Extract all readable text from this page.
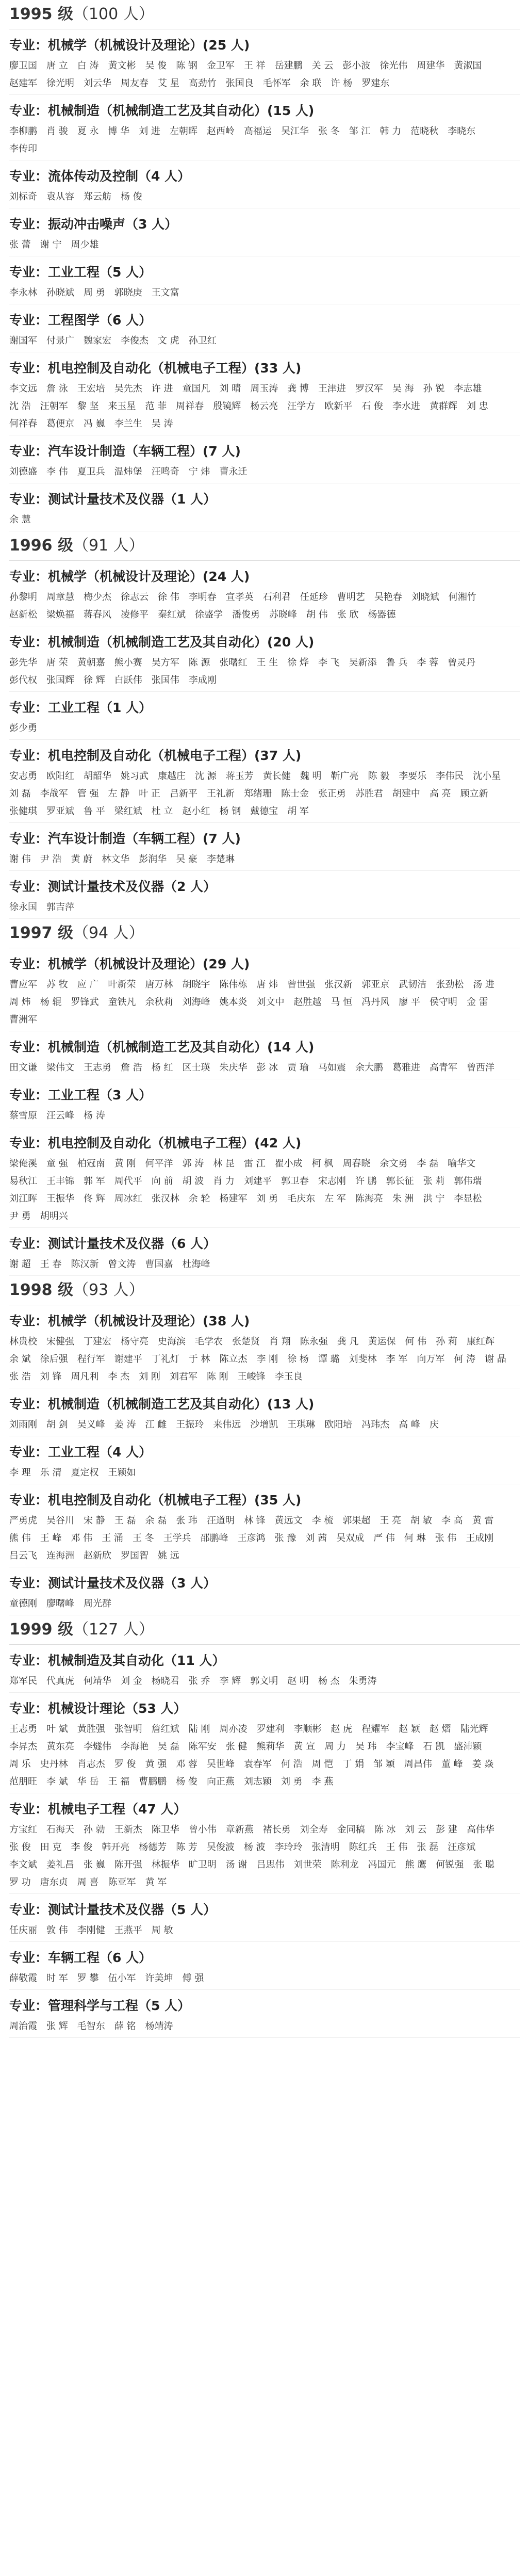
1995 级（100 人）
专业：机械学（机械设计及理论）(25 人)
廖卫国 唐 立 白 涛 黄文彬 吴 俊 陈 钢 金卫军 王 祥 岳建鹏 关 云 彭小波 徐光伟 周建华 黄淑国赵建军 徐光明 刘云华 周友春 艾 星 高劲竹 张国良 毛怀军 余 联 许 杨 罗建东
专业：机械制造（机械制造工艺及其自动化）(15 人)
李柳鹏 肖 骏 夏 永 博 华 刘 进 左朝晖 赵西岭 高福运 吴江华 张 冬 邹 江 韩 力 范晓秋 李晓东李传印
专业：流体传动及控制（4 人）
刘标奇 袁从容 郑云舫 杨 俊
专业：振动冲击噪声（3 人）
张 蕾 谢 宁 周少雄
专业：工业工程（5 人）
李永林 孙晓斌 周 勇 郭晓庚 王文富
专业：工程图学（6 人）
谢国军 付景广 魏家宏 李俊杰 文 虎 孙卫红
专业：机电控制及自动化（机械电子工程）(33 人)
李文远 詹 泳 王宏培 吴先杰 许 进 童国凡 刘 晴 周玉涛 龚 博 王津进 罗汉军 吴 海 孙 锐 李志雄沈 浩 汪朝军 黎 坚 来玉星 范 菲 周祥春 殷镜辉 杨云亮 汪学方 欧新平 石 俊 李水进 黄群辉 刘 忠何祥春 葛便京 冯 巍 李兰生 吴 涛
专业：汽车设计制造（车辆工程）(7 人)
刘德盛 李 伟 夏卫兵 温炜堡 汪鸣奇 宁 炜 曹永迁
专业：测试计量技术及仪器（1 人）
余 慧
1996 级（91 人）
专业：机械学（机械设计及理论）(24 人)
孙黎明 周章慧 梅少杰 徐志云 徐 伟 李明春 宣孝英 石利君 任延珍 曹明艺 吴艳春 刘晓斌 何湘竹赵新松 梁焕福 蒋春风 凌修平 秦红斌 徐盛学 潘俊勇 苏晓峰 胡 伟 张 欣 杨器德
专业：机械制造（机械制造工艺及其自动化）(20 人)
彭先华 唐 荣 黄朝嘉 熊小赛 吴方军 陈 源 张曙红 王 生 徐 烨 李 飞 吴新添 鲁 兵 李 蓉 曾灵丹彭代权 张国辉 徐 辉 白跃伟 张国伟 李成刚
专业：工业工程（1 人）
彭少勇
专业：机电控制及自动化（机械电子工程）(37 人)
安志勇 欧阳红 胡韶华 姚习武 康越庄 沈 源 蒋玉芳 黄长健 魏 明 靳广亮 陈 毅 李要乐 李伟民 沈小星刘 磊 李战军 管 强 左 静 叶 正 吕新平 王礼新 郑绪珊 陈士金 张正勇 苏胜君 胡建中 高 亮 顾立新张健琪 罗亚斌 鲁 平 梁红斌 杜 立 赵小红 杨 钢 戴德宝 胡 军
专业：汽车设计制造（车辆工程）(7 人)
谢 伟 尹 浩 黄 蔚 林文华 彭润华 吴 豪 李楚琳
专业：测试计量技术及仪器（2 人）
徐永国 郭吉萍
1997 级（94 人）
专业：机械学（机械设计及理论）(29 人)
曹应军 苏 牧 应 广 叶新荣 唐万林 胡晓宇 陈伟栋 唐 炜 曾世强 张汉新 郭亚京 武韧洁 张劲松 汤 进周 炜 杨 辊 罗锋武 童铁凡 余秋莉 刘海峰 姚本炎 刘文中 赵胜越 马 恒 冯丹风 廖 平 侯守明 金 雷曹洲军
专业：机械制造（机械制造工艺及其自动化）(14 人)
田文谦 梁伟文 王志勇 詹 浩 杨 红 区士瑛 朱庆华 彭 冰 贾 瑜 马如震 余大鹏 葛雅进 高青军 曾西洋
专业：工业工程（3 人）
蔡雪原 汪云峰 杨 涛
专业：机电控制及自动化（机械电子工程）(42 人)
梁俺溪 童 强 柏冠南 黄 刚 何平洋 郭 涛 林 昆 雷 江 瞿小成 柯 枫 周春晓 余文勇 李 磊 喻华文易秋江 王丰锦 郭 军 周代平 向 前 胡 波 肖 力 刘建平 郭卫春 宋志刚 许 鹏 郭长征 张 莉 郭伟瑞刘江晖 王振华 佟 辉 周冰红 张汉林 余 轮 杨建军 刘 勇 毛庆东 左 军 陈海亮 朱 洲 洪 宁 李显松尹 勇 胡明兴
专业：测试计量技术及仪器（6 人）
谢 超 王 春 陈汉新 曾文涛 曹国嘉 杜海峰
1998 级（93 人）
专业：机械学（机械设计及理论）(38 人)
林贵校 宋健强 丁建宏 杨守亮 史海滨 毛学农 张楚贤 肖 翔 陈永强 龚 凡 黄运保 何 伟 孙 莉 康红辉余 斌 徐后强 程行军 谢建平 丁礼灯 于 林 陈立杰 李 刚 徐 杨 谭 璐 刘斐林 李 军 向万军 何 涛 谢 晶张 浩 刘 锋 周凡利 李 杰 刘 刚 刘君军 陈 刚 王峻锋 李玉良
专业：机械制造（机械制造工艺及其自动化）(13 人)
刘雨刚 胡 剑 吴义峰 姜 涛 江 雌 王振玲 来伟远 沙增凯 王琪琳 欧阳培 冯玮杰 高 峰 庆
专业：工业工程（4 人）
李 理 乐 清 夏定权 王颖如
专业：机电控制及自动化（机械电子工程）(35 人)
严勇虎 吴谷川 宋 静 王 磊 余 磊 张 玮 汪道明 林 锋 黄远文 李 梳 郭果超 王 亮 胡 敏 李 高 黄 雷熊 伟 王 峰 邓 伟 王 涌 王 冬 王学兵 邵鹏峰 王彦鸿 张 豫 刘 茜 吴双成 严 伟 何 琳 张 伟 王成刚吕云飞 连海洲 赵新欣 罗国智 姚 远
专业：测试计量技术及仪器（3 人）
童德刚 廖曙峰 周光群
1999 级（127 人）
专业：机械制造及其自动化（11 人）
郑军民 代真虎 何靖华 刘 金 杨晓君 张 乔 李 辉 郭文明 赵 明 杨 杰 朱勇涛
专业：机械设计理论（53 人）
王志勇 叶 斌 黄胜强 张智明 詹红斌 陆 刚 周亦凌 罗建利 李顺彬 赵 虎 程耀军 赵 颖 赵 熠 陆光辉李昇杰 黄东亮 李燧伟 李海艳 吴 磊 陈军安 张 健 熊莉华 黄 宣 周 力 吴 玮 李宝峰 石 凯 盛沛颖周 乐 史丹林 肖志杰 罗 俊 黄 强 邓 蓉 吴世峰 袁春军 何 浩 周 恺 丁 娟 邹 颖 周昌伟 董 峰 姜 焱范朋旺 李 斌 华 岳 王 福 曹鹏鹏 杨 俊 向正燕 刘志颖 刘 勇 李 燕
专业：机械电子工程（47 人）
方宝红 石海天 孙 勍 王新杰 陈卫华 曾小伟 章新燕 褚长勇 刘全寿 金同稿 陈 冰 刘 云 彭 建 高伟华张 俊 田 克 李 俊 韩开亮 杨德芳 陈 芳 吴俊波 杨 波 李玲玲 张清明 陈红兵 王 伟 张 磊 汪彦斌李文斌 姜礼昌 张 巍 陈开强 林振华 旷卫明 汤 谢 吕思伟 刘世荣 陈利龙 冯国元 熊 鹰 何锐强 张 聪罗 功 唐东贞 周 喜 陈亚军 黄 军
专业：测试计量技术及仪器（5 人）
任庆丽 敦 伟 李刚健 王燕平 周 敏
专业：车辆工程（6 人）
薛敬霞 时 军 罗 攀 伍小军 许美坤 傅 强
专业：管理科学与工程（5 人）
周治霞 张 辉 毛智东 薛 铭 杨靖涛
